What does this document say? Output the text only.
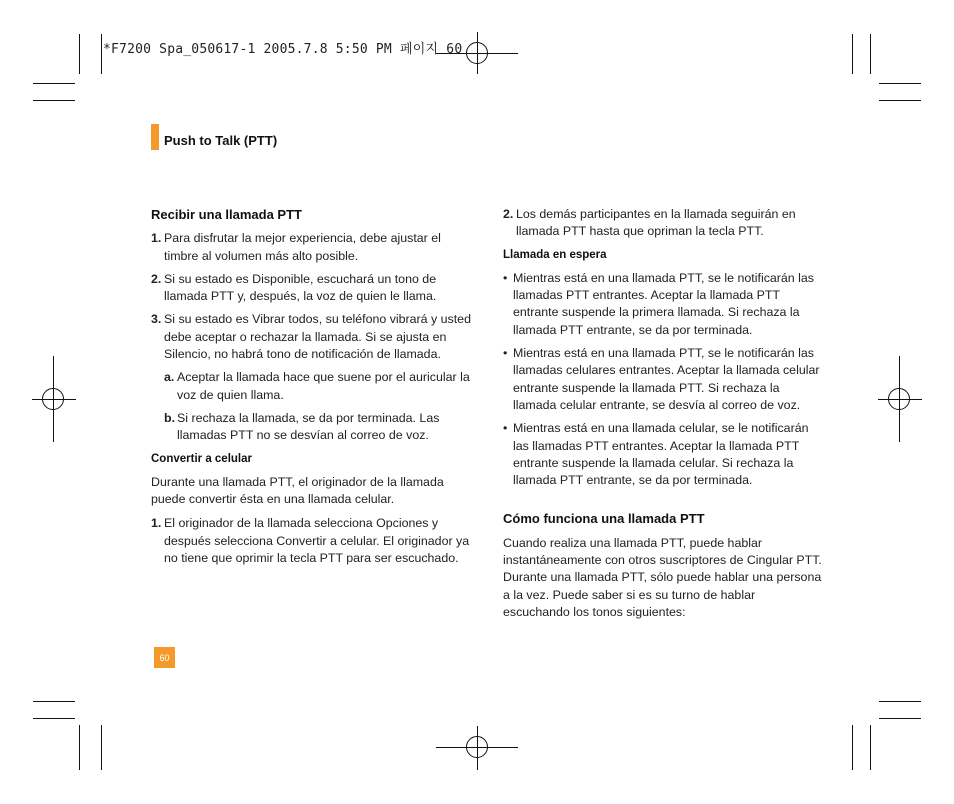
*F7200 Spa_050617-1 2005.7.8 5:50 PM 페이지 60
Push to Talk (PTT)
Recibir una llamada PTT
1. Para disfrutar la mejor experiencia, debe ajustar el timbre al volumen más alto posible.
2. Si su estado es Disponible, escuchará un tono de llamada PTT y, después, la voz de quien le llama.
3. Si su estado es Vibrar todos, su teléfono vibrará y usted debe aceptar o rechazar la llamada. Si se ajusta en Silencio, no habrá tono de notificación de llamada.
a. Aceptar la llamada hace que suene por el auricular la voz de quien llama.
b. Si rechaza la llamada, se da por terminada. Las llamadas PTT no se desvían al correo de voz.
Convertir a celular

Durante una llamada PTT, el originador de la llamada puede convertir ésta en una llamada celular.

1. El originador de la llamada selecciona Opciones y después selecciona Convertir a celular. El originador ya no tiene que oprimir la tecla PTT para ser escuchado.
2. Los demás participantes en la llamada seguirán en llamada PTT hasta que opriman la tecla PTT.
Llamada en espera
• Mientras está en una llamada PTT, se le notificarán las llamadas PTT entrantes. Aceptar la llamada PTT entrante suspende la primera llamada. Si rechaza la llamada PTT entrante, se da por terminada.
• Mientras está en una llamada PTT, se le notificarán las llamadas celulares entrantes. Aceptar la llamada celular entrante suspende la llamada PTT. Si rechaza la llamada celular entrante, se desvía al correo de voz.
• Mientras está en una llamada celular, se le notificarán las llamadas PTT entrantes. Aceptar la llamada PTT entrante suspende la llamada celular. Si rechaza la llamada PTT entrante, se da por terminada.
Cómo funciona una llamada PTT

Cuando realiza una llamada PTT, puede hablar instantáneamente con otros suscriptores de Cingular PTT. Durante una llamada PTT, sólo puede hablar una persona a la vez. Puede saber si es su turno de hablar escuchando los tonos siguientes:

60
